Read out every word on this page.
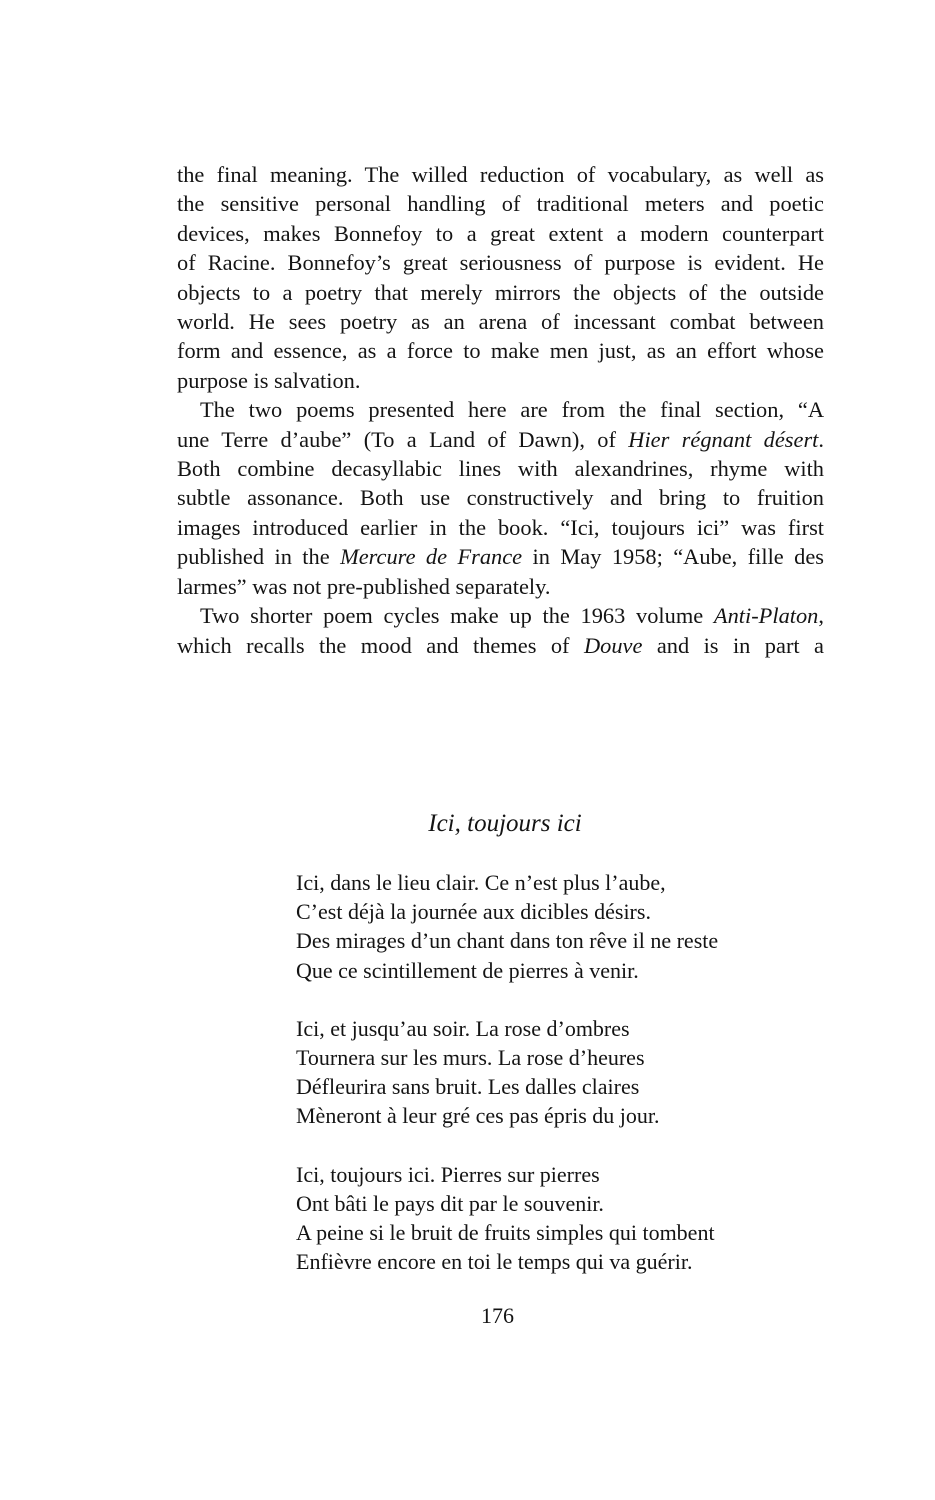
the final meaning. The willed reduction of vocabulary, as well as
the sensitive personal handling of traditional meters and poetic
devices, makes Bonnefoy to a great extent a modern counterpart
of Racine. Bonnefoy’s great seriousness of purpose is evident. He
objects to a poetry that merely mirrors the objects of the outside
world. He sees poetry as an arena of incessant combat between
form and essence, as a force to make men just, as an effort whose
purpose is salvation.
The two poems presented here are from the final section, “A
une Terre d’aube” (To a Land of Dawn), of Hier régnant désert.
Both combine decasyllabic lines with alexandrines, rhyme with
subtle assonance. Both use constructively and bring to fruition
images introduced earlier in the book. “Ici, toujours ici” was first
published in the Mercure de France in May 1958; “Aube, fille des
larmes” was not pre-published separately.
Two shorter poem cycles make up the 1963 volume Anti-Platon,
which recalls the mood and themes of Douve and is in part a
Ici, toujours ici
Ici, dans le lieu clair. Ce n’est plus l’aube,
C’est déjà la journée aux dicibles désirs.
Des mirages d’un chant dans ton rêve il ne reste
Que ce scintillement de pierres à venir.
Ici, et jusqu’au soir. La rose d’ombres
Tournera sur les murs. La rose d’heures
Défleurira sans bruit. Les dalles claires
Mèneront à leur gré ces pas épris du jour.
Ici, toujours ici. Pierres sur pierres
Ont bâti le pays dit par le souvenir.
A peine si le bruit de fruits simples qui tombent
Enfièvre encore en toi le temps qui va guérir.
176
